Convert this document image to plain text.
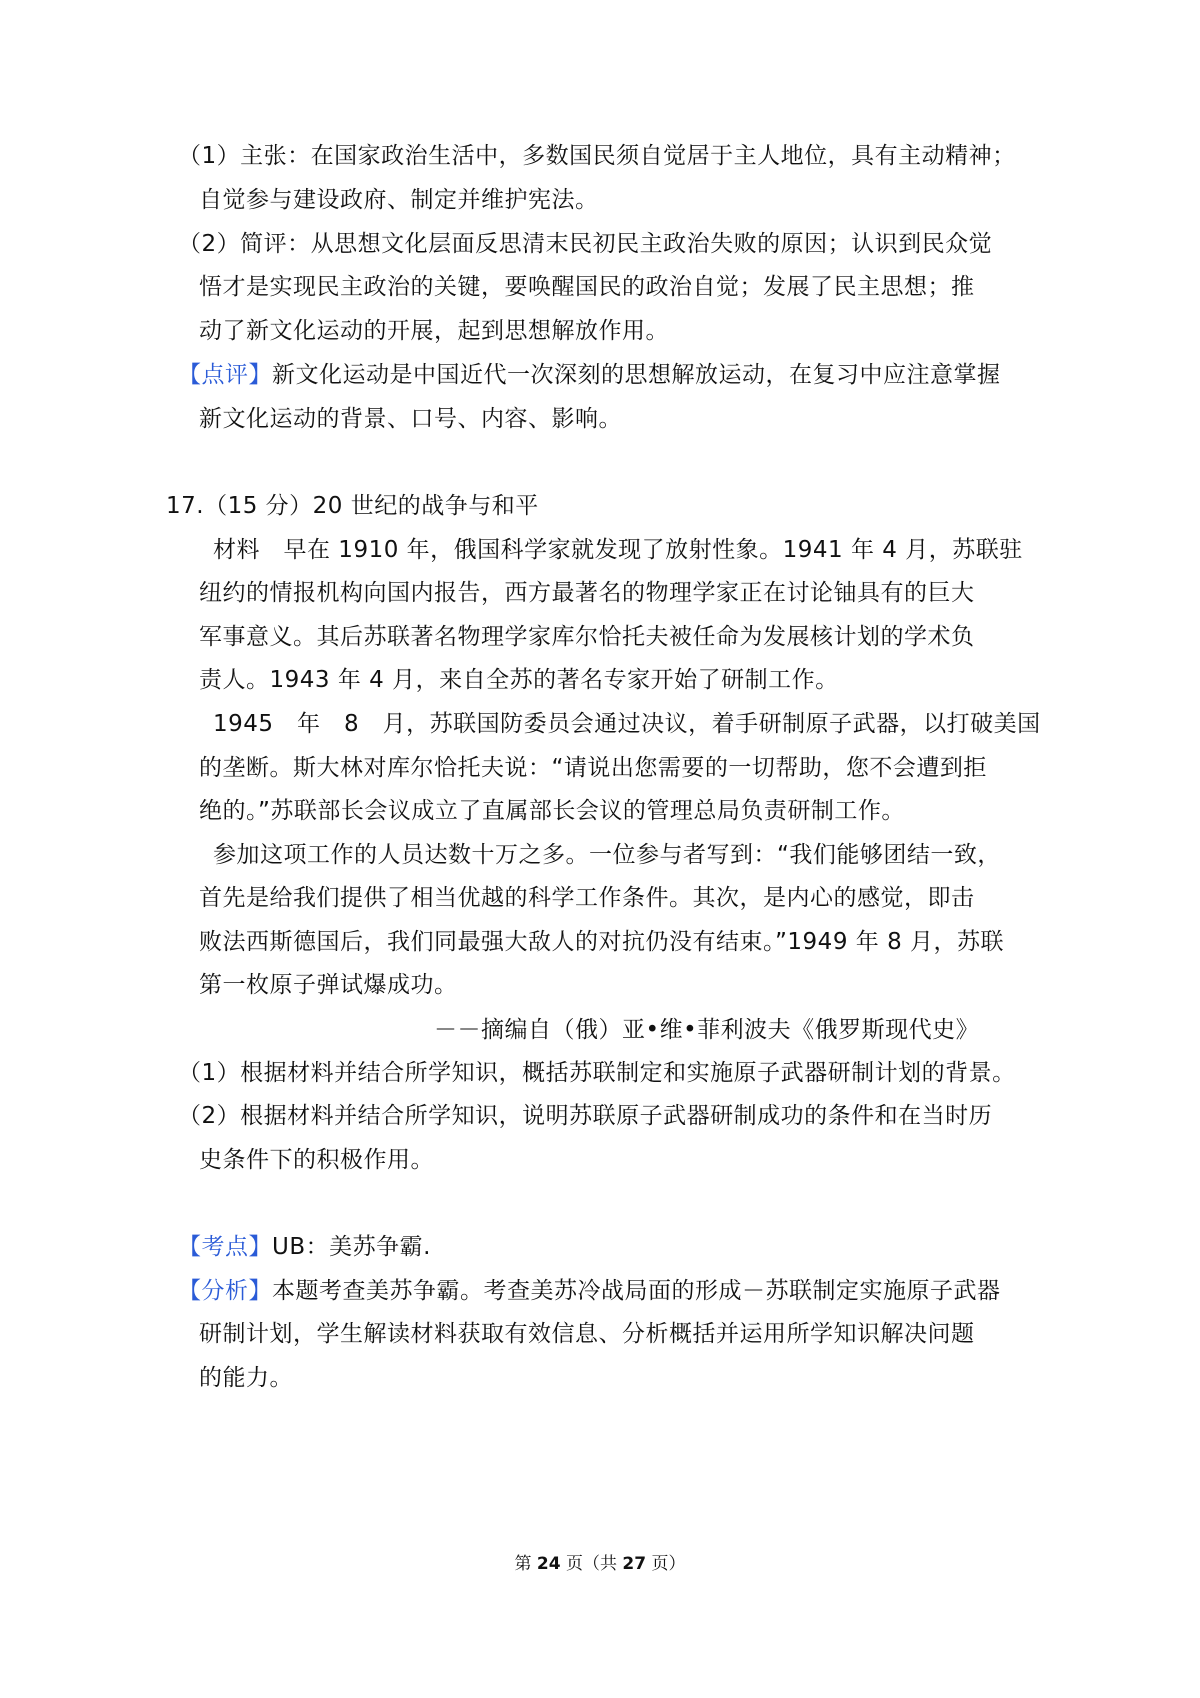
（1）主张：在国家政治生活中，多数国民须自觉居于主人地位，具有主动精神；
自觉参与建设政府、制定并维护宪法。
（2）简评：从思想文化层面反思清末民初民主政治失败的原因；认识到民众觉
悟才是实现民主政治的关键，要唤醒国民的政治自觉；发展了民主思想；推
动了新文化运动的开展，起到思想解放作用。
【点评】新文化运动是中国近代一次深刻的思想解放运动，在复习中应注意掌握
新文化运动的背景、口号、内容、影响。
17.（15 分）20 世纪的战争与和平
材料　早在 1910 年，俄国科学家就发现了放射性象。1941 年 4 月，苏联驻
纽约的情报机构向国内报告，西方最著名的物理学家正在讨论铀具有的巨大
军事意义。其后苏联著名物理学家库尔恰托夫被任命为发展核计划的学术负
责人。1943 年 4 月，来自全苏的著名专家开始了研制工作。
1945　年　8　月，苏联国防委员会通过决议，着手研制原子武器，以打破美国
的垄断。斯大林对库尔恰托夫说：“请说出您需要的一切帮助，您不会遭到拒
绝的。”苏联部长会议成立了直属部长会议的管理总局负责研制工作。
参加这项工作的人员达数十万之多。一位参与者写到：“我们能够团结一致，
首先是给我们提供了相当优越的科学工作条件。其次，是内心的感觉，即击
败法西斯德国后，我们同最强大敌人的对抗仍没有结束。”1949 年 8 月，苏联
第一枚原子弹试爆成功。
－－摘编自（俄）亚•维•菲利波夫《俄罗斯现代史》
（1）根据材料并结合所学知识，概括苏联制定和实施原子武器研制计划的背景。
（2）根据材料并结合所学知识，说明苏联原子武器研制成功的条件和在当时历
史条件下的积极作用。
【考点】UB：美苏争霸.
【分析】本题考查美苏争霸。考查美苏冷战局面的形成－苏联制定实施原子武器
研制计划，学生解读材料获取有效信息、分析概括并运用所学知识解决问题
的能力。
第 24 页（共 27 页）
